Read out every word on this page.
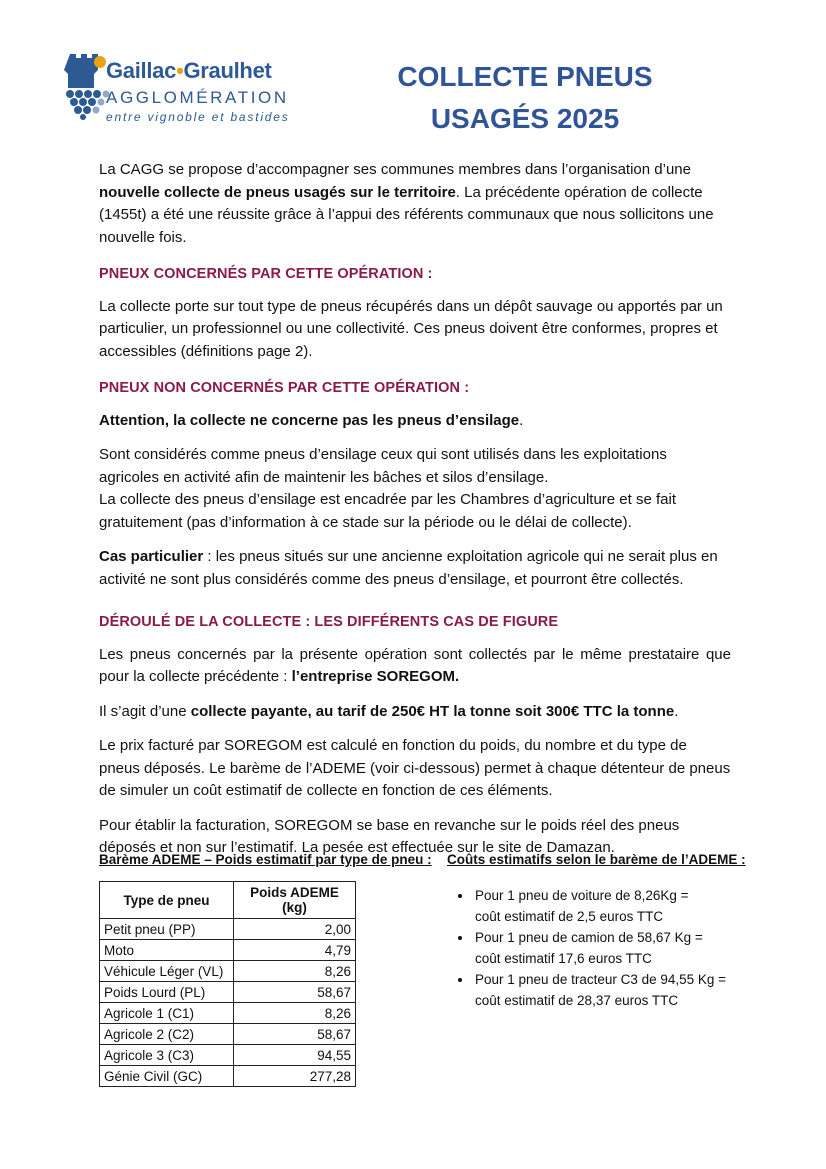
Gaillac•Graulhet
AGGLOMÉRATION
entre vignoble et bastides
COLLECTE PNEUS
USAGÉS 2025

La CAGG se propose d’accompagner ses communes membres dans l’organisation d’une nouvelle collecte de pneus usagés sur le territoire. La précédente opération de collecte (1455t) a été une réussite grâce à l’appui des référents communaux que nous sollicitons une nouvelle fois.

PNEUX CONCERNÉS PAR CETTE OPÉRATION :

La collecte porte sur tout type de pneus récupérés dans un dépôt sauvage ou apportés par un particulier, un professionnel ou une collectivité. Ces pneus doivent être conformes, propres et accessibles (définitions page 2).

PNEUX NON CONCERNÉS PAR CETTE OPÉRATION :

Attention, la collecte ne concerne pas les pneus d’ensilage.

Sont considérés comme pneus d’ensilage ceux qui sont utilisés dans les exploitations agricoles en activité afin de maintenir les bâches et silos d’ensilage.
La collecte des pneus d’ensilage est encadrée par les Chambres d’agriculture et se fait gratuitement (pas d’information à ce stade sur la période ou le délai de collecte).

Cas particulier : les pneus situés sur une ancienne exploitation agricole qui ne serait plus en activité ne sont plus considérés comme des pneus d’ensilage, et pourront être collectés.

DÉROULÉ DE LA COLLECTE : LES DIFFÉRENTS CAS DE FIGURE

Les pneus concernés par la présente opération sont collectés par le même prestataire que pour la collecte précédente : l’entreprise SOREGOM.

Il s’agit d’une collecte payante, au tarif de 250€ HT la tonne soit 300€ TTC la tonne.

Le prix facturé par SOREGOM est calculé en fonction du poids, du nombre et du type de pneus déposés. Le barème de l’ADEME (voir ci-dessous) permet à chaque détenteur de pneus de simuler un coût estimatif de collecte en fonction de ces éléments.

Pour établir la facturation, SOREGOM se base en revanche sur le poids réel des pneus déposés et non sur l’estimatif. La pesée est effectuée sur le site de Damazan.

Barème ADEME – Poids estimatif par type de pneu :

Type de pneu	Poids ADEME (kg)
Petit pneu (PP)	2,00
Moto	4,79
Véhicule Léger (VL)	8,26
Poids Lourd (PL)	58,67
Agricole 1 (C1)	8,26
Agricole 2 (C2)	58,67
Agricole 3 (C3)	94,55
Génie Civil (GC)	277,28

Coûts estimatifs selon le barème de l’ADEME :

• Pour 1 pneu de voiture de 8,26Kg =
coût estimatif de 2,5 euros TTC
• Pour 1 pneu de camion de 58,67 Kg =
coût estimatif 17,6 euros TTC
• Pour 1 pneu de tracteur C3 de 94,55 Kg =
coût estimatif de 28,37 euros TTC
